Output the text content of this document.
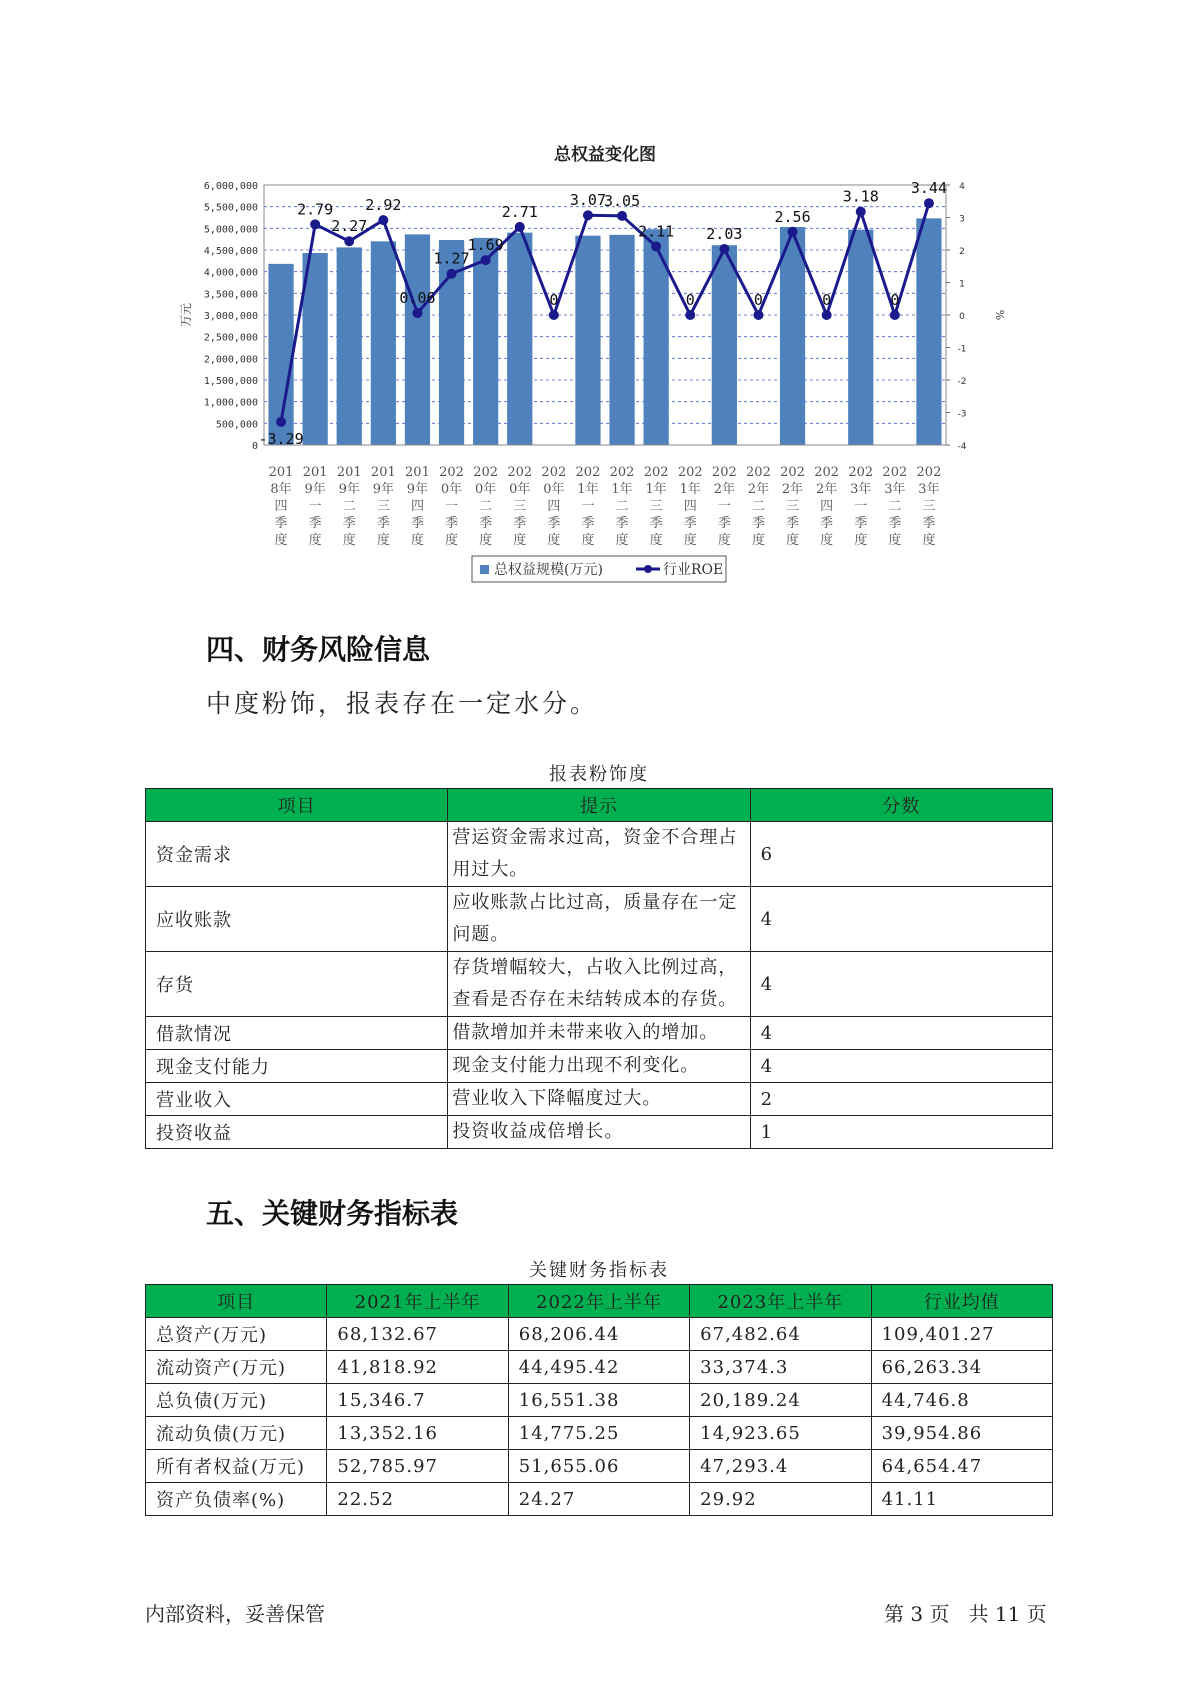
总权益变化图
6,000,000
5,500,000
5,000,000
4,500,000
4,000,000
3,500,000
3,000,000
2,500,000
2,000,000
1,500,000
1,000,000
500,000
0
4
3
2
1
0
-1
-2
-3
-4
万元	%
-3.29
2.79
2.27
2.92
0.06
1.27
1.69
2.71
0
3.07
3.05
2.11
0
2.03
0
2.56
0
3.18
0
3.44
201
8年
四
季
度
201
9年
一
季
度
201
9年
二
季
度
201
9年
三
季
度
201
9年
四
季
度
202
0年
一
季
度
202
0年
二
季
度
202
0年
三
季
度
202
0年
四
季
度
202
1年
一
季
度
202
1年
二
季
度
202
1年
三
季
度
202
1年
四
季
度
202
2年
一
季
度
202
2年
二
季
度
202
2年
三
季
度
202
2年
四
季
度
202
3年
一
季
度
202
3年
二
季
度
202
3年
三
季
度
总权益规模(万元)	行业ROE
四、财务风险信息

中度粉饰，报表存在一定水分。

报表粉饰度
项目	提示	分数
资金需求	营运资金需求过高，资金不合理占用过大。	6
应收账款	应收账款占比过高，质量存在一定问题。	4
存货	存货增幅较大，占收入比例过高，查看是否存在未结转成本的存货。	4
借款情况	借款增加并未带来收入的增加。	4
现金支付能力	现金支付能力出现不利变化。	4
营业收入	营业收入下降幅度过大。	2
投资收益	投资收益成倍增长。	1
五、关键财务指标表
关键财务指标表
项目	2021年上半年	2022年上半年	2023年上半年	行业均值
总资产(万元)	68,132.67	68,206.44	67,482.64	109,401.27
流动资产(万元)	41,818.92	44,495.42	33,374.3	66,263.34
总负债(万元)	15,346.7	16,551.38	20,189.24	44,746.8
流动负债(万元)	13,352.16	14,775.25	14,923.65	39,954.86
所有者权益(万元)	52,785.97	51,655.06	47,293.4	64,654.47
资产负债率(%)	22.52	24.27	29.92	41.11
内部资料，妥善保管	第 3 页   共 11 页
